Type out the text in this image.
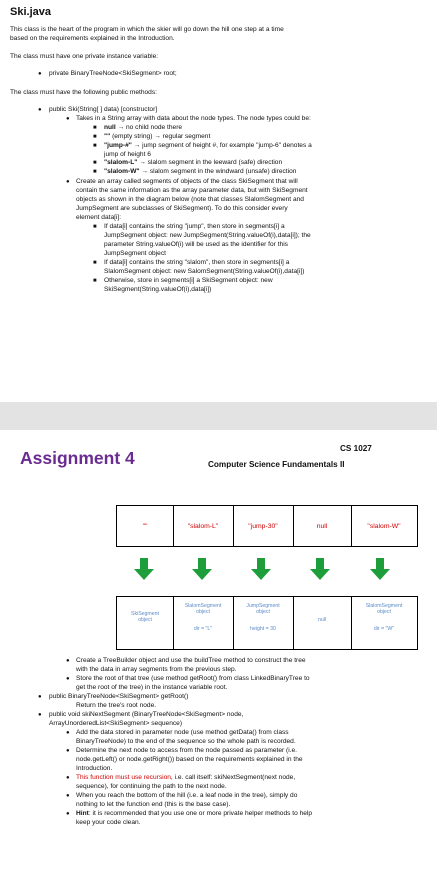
Ski.java
This class is the heart of the program in which the skier will go down the hill one step at a time
based on the requirements explained in the Introduction.
The class must have one private instance variable:
● private BinaryTreeNode<SkiSegment> root;
The class must have the following public methods:
● public Ski(String[ ] data) [constructor]
● Takes in a String array with data about the node types. The node types could be:
■ null → no child node there
■ "" (empty string) → regular segment
■ "jump-#" → jump segment of height #, for example "jump-6" denotes a
jump of height 6
■ "slalom-L" → slalom segment in the leeward (safe) direction
■ "slalom-W" → slalom segment in the windward (unsafe) direction
● Create an array called segments of objects of the class SkiSegment that will
contain the same information as the array parameter data, but with SkiSegment
objects as shown in the diagram below (note that classes SlalomSegment and
JumpSegment are subclasses of SkiSegment). To do this consider every
element data[i]:
■ If data[i] contains the string "jump", then store in segments[i] a
JumpSegment object: new JumpSegment(String.valueOf(i),data[i]); the
parameter String.valueOf(i) will be used as the identifier for this
JumpSegment object
■ If data[i] contains the string "slalom", then store in segments[i] a
SlalomSegment object: new SalomSegment(String.valueOf(i),data[i])
■ Otherwise, store in segments[i] a SkiSegment object: new
SkiSegment(String.valueOf(i),data[i])
Assignment 4	CS 1027
Computer Science Fundamentals II
""	"slalom-L"	"jump-30"	null	"slalom-W"
SkiSegment
object
SlalomSegment
object
dir = "L"
JumpSegment
object
height = 30
null
SlalomSegment
object
dir = "W"
● Create a TreeBuilder object and use the buildTree method to construct the tree
with the data in array segments from the previous step.
● Store the root of that tree (use method getRoot() from class LinkedBinaryTree to
get the root of the tree) in the instance variable root.
● public BinaryTreeNode<SkiSegment> getRoot()
Return the tree's root node.
● public void skiNextSegment (BinaryTreeNode<SkiSegment> node,
ArrayUnorderedList<SkiSegment> sequence)
● Add the data stored in parameter node (use method getData() from class
BinaryTreeNode) to the end of the sequence so the whole path is recorded.
● Determine the next node to access from the node passed as parameter (i.e.
node.getLeft() or node.getRight()) based on the requirements explained in the
Introduction.
● This function must use recursion, i.e. call itself: skiNextSegment(next node,
sequence), for continuing the path to the next node.
● When you reach the bottom of the hill (i.e. a leaf node in the tree), simply do
nothing to let the function end (this is the base case).
● Hint: it is recommended that you use one or more private helper methods to help
keep your code clean.
